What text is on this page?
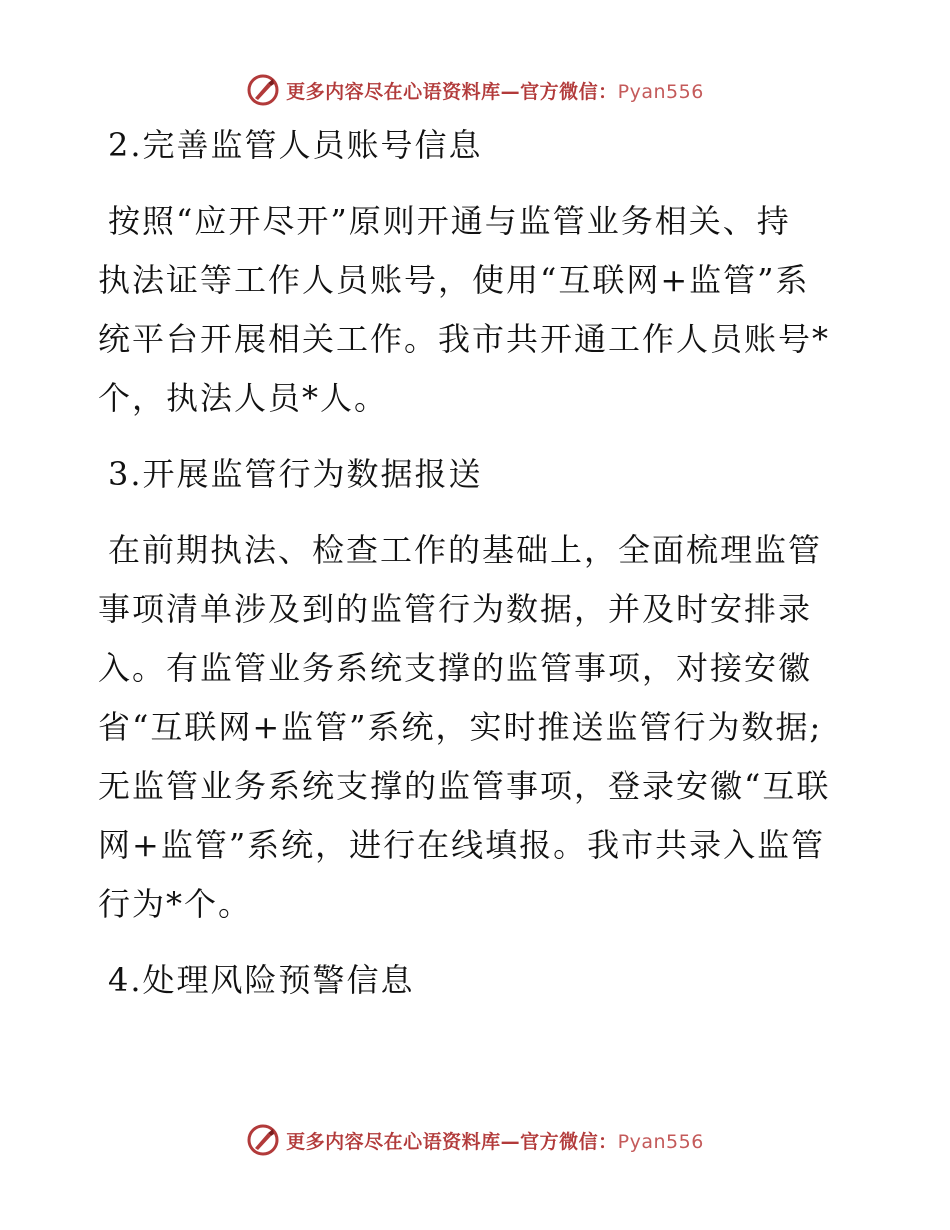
更多内容尽在心语资料库—官方微信：Pyan556

2.完善监管人员账号信息

按照“应开尽开”原则开通与监管业务相关、持

执法证等工作人员账号，使用“互联网+监管”系

统平台开展相关工作。我市共开通工作人员账号*

个，执法人员*人。

3.开展监管行为数据报送

在前期执法、检查工作的基础上，全面梳理监管

事项清单涉及到的监管行为数据，并及时安排录

入。有监管业务系统支撑的监管事项，对接安徽

省“互联网+监管”系统，实时推送监管行为数据;

无监管业务系统支撑的监管事项，登录安徽“互联

网+监管”系统，进行在线填报。我市共录入监管

行为*个。

4.处理风险预警信息

更多内容尽在心语资料库—官方微信：Pyan556
